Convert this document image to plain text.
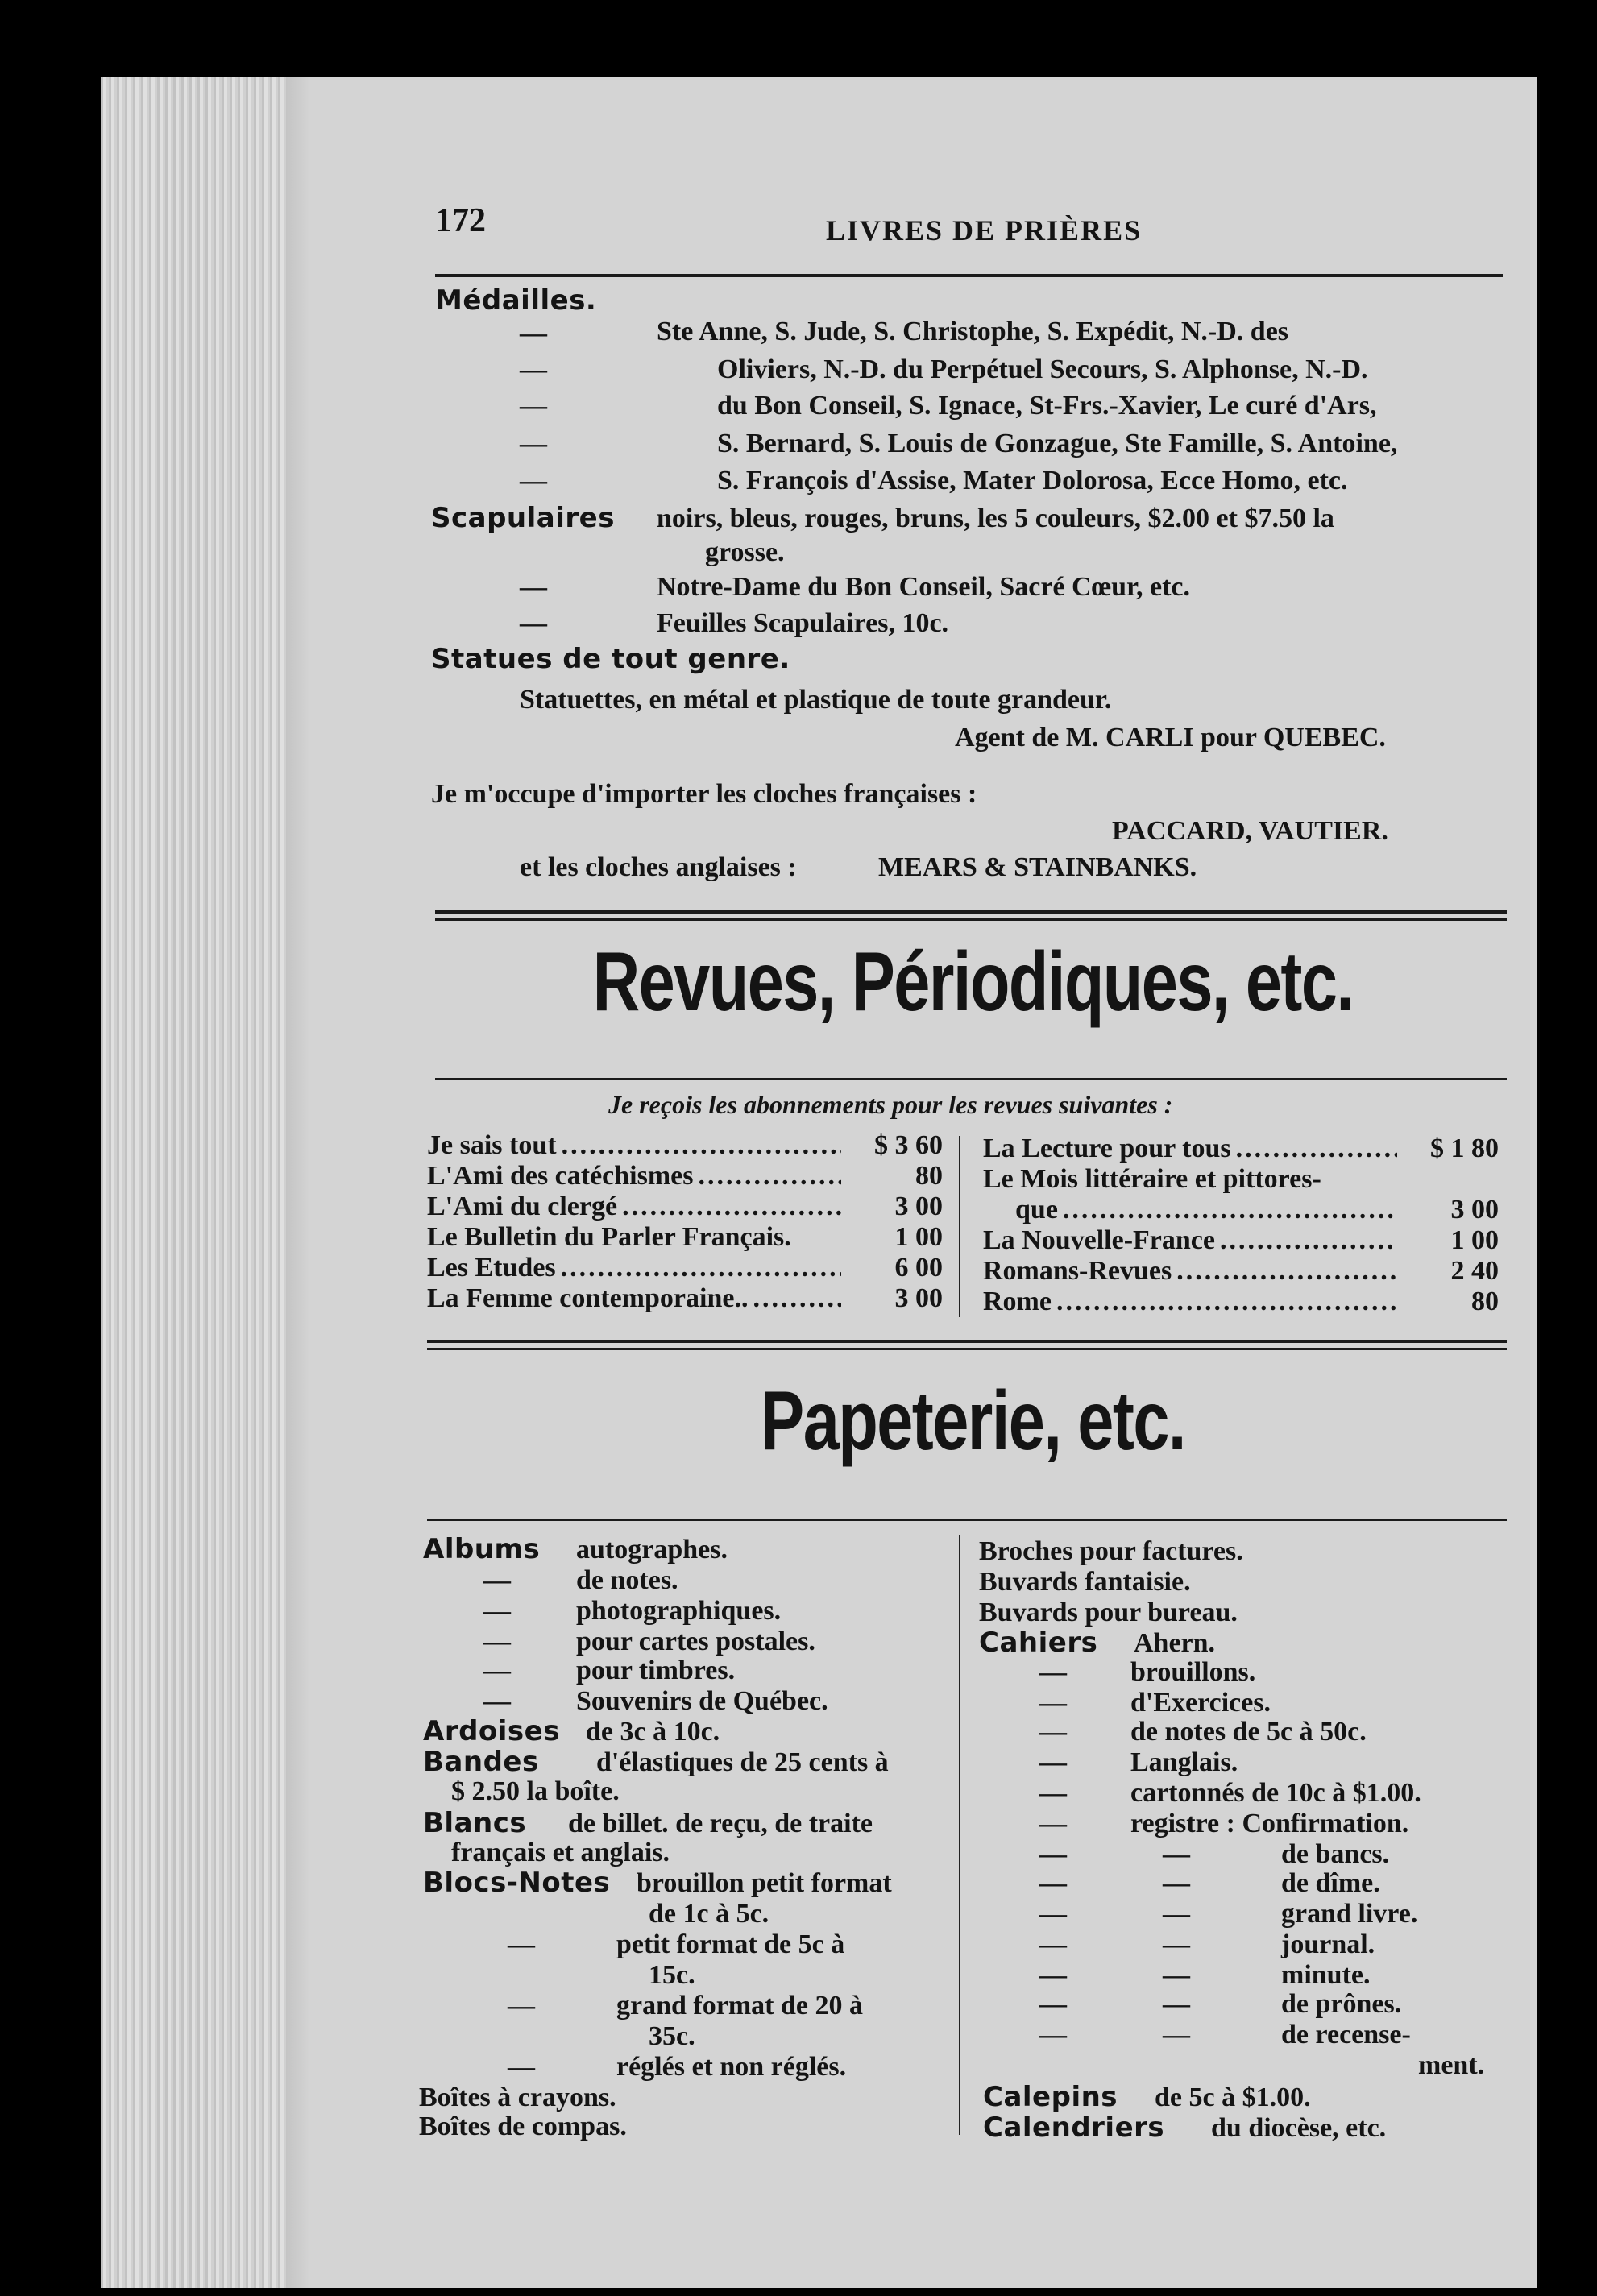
172	LIVRES DE PRIÈRES
Médailles.
—	Ste Anne, S. Jude, S. Christophe, S. Expédit, N.-D. des
—	Oliviers, N.-D. du Perpétuel Secours, S. Alphonse, N.-D.
—	du Bon Conseil, S. Ignace, St-Frs.-Xavier, Le curé d'Ars,
—	S. Bernard, S. Louis de Gonzague, Ste Famille, S. Antoine,
—	S. François d'Assise, Mater Dolorosa, Ecce Homo, etc.
Scapulaires noirs, bleus, rouges, bruns, les 5 couleurs, $2.00 et $7.50 la
grosse.
—	Notre-Dame du Bon Conseil, Sacré Cœur, etc.
—	Feuilles Scapulaires, 10c.
Statues de tout genre.
Statuettes, en métal et plastique de toute grandeur.
Agent de M. CARLI pour QUEBEC.
Je m'occupe d'importer les cloches françaises :
PACCARD, VAUTIER.
et les cloches anglaises :	MEARS & STAINBANKS.
Revues, Périodiques, etc.
Je reçois les abonnements pour les revues suivantes :
Je sais tout .....	$ 3 60
L'Ami des catéchismes .....	80
L'Ami du clergé .....	3 00
Le Bulletin du Parler Français.	1 00
Les Etudes .....	6 00
La Femme contemporaine.. .....	3 00
La Lecture pour tous .....	$ 1 80
Le Mois littéraire et pittores-
que .....	3 00
La Nouvelle-France .....	1 00
Romans-Revues .....	2 40
Rome .....	80
Papeterie, etc.
Albums autographes.
— de notes.
— photographiques.
— pour cartes postales.
— pour timbres.
— Souvenirs de Québec.
Ardoises de 3c à 10c.
Bandes d'élastiques de 25 cents à
$ 2.50 la boîte.
Blancs de billet. de reçu, de traite
français et anglais.
Blocs-Notes brouillon petit format
de 1c à 5c.
—	petit format de 5c à
15c.
—	grand format de 20 à
35c.
—	réglés et non réglés.
Boîtes à crayons.
Boîtes de compas.
Broches pour factures.
Buvards fantaisie.
Buvards pour bureau.
Cahiers Ahern.
— brouillons.
— d'Exercices.
— de notes de 5c à 50c.
— Langlais.
— cartonnés de 10c à $1.00.
— registre : Confirmation.
—	—	de bancs.
—	—	de dîme.
—	—	grand livre.
—	—	journal.
—	—	minute.
—	—	de prônes.
—	—	de recense-
ment.
Calepins de 5c à $1.00.
Calendriers du diocèse, etc.
